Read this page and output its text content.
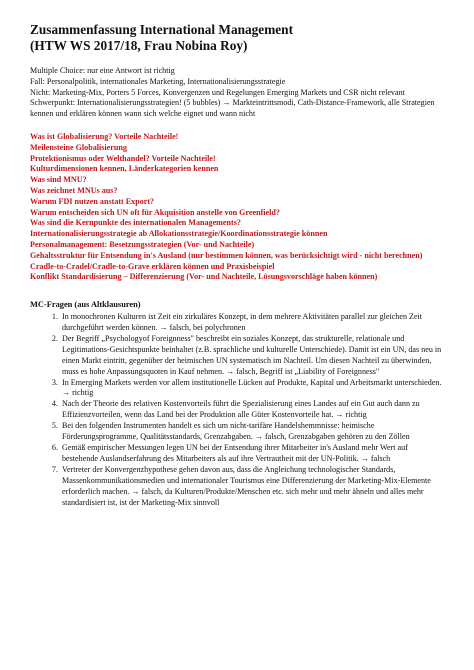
Zusammenfassung International Management
(HTW WS 2017/18, Frau Nobina Roy)

Multiple Choice: nur eine Antwort ist richtig

Fall: Personalpolitik, internationales Marketing, Internationalisierungsstrategie

Nicht: Marketing-Mix, Porters 5 Forces, Konvergenzen und Regelungen Emerging Markets und CSR nicht relevant

Schwerpunkt: Internationalisierungsstrategien! (5 bubbles) → Markteintrittsmodi, Cath-Distance-Framework, alle Strategien kennen und erklären können wann sich welche eignet und wann nicht

Was ist Globalisierung? Vorteile Nachteile!
Meilensteine Globalisierung
Protektionismus oder Welthandel? Vorteile Nachteile!
Kulturdimensionen kennen, Länderkategorien kennen
Was sind MNU?
Was zeichnet MNUs aus?
Warum FDI nutzen anstatt Export?
Warum entscheiden sich UN oft für Akquisition anstelle von Greenfield?
Was sind die Kernpunkte des internationalen Managements?
Internationalisierungsstrategie ab Allokationsstrategie/Koordinationsstrategie können
Personalmanagement: Besetzungsstrategien (Vor- und Nachteile)
Gehaltsstruktur für Entsendung in's Ausland (nur bestimmen können, was berücksichtigt wird - nicht berechnen)
Cradle-to-Cradel/Cradle-to-Grave erklären können und Praxisbeispiel
Konflikt Standardisierung – Differenzierung (Vor- und Nachteile, Lösungsvorschläge haben können)
MC-Fragen (aus Altklausuren)
1. In monochronen Kulturen ist Zeit ein zirkuläres Konzept, in dem mehrere Aktivitäten parallel zur gleichen Zeit durchgeführt werden können. → falsch, bei polychronen
2. Der Begriff „Psychologyof Foreignness" beschreibt ein soziales Konzept, das strukturelle, relationale und Legitimations-Gesichtspunkte beinhaltet (z.B. sprachliche und kulturelle Unterschiede). Damit ist ein UN, das neu in einen Markt eintritt, gegenüber der heimischen UN systematisch im Nachteil. Um diesen Nachteil zu überwinden, muss es hohe Anpassungsquoten in Kauf nehmen. → falsch, Begriff ist „Liability of Foreignness"
3. In Emerging Markets werden vor allem institutionelle Lücken auf Produkte, Kapital und Arbeitsmarkt unterschieden. → richtig
4. Nach der Theorie des relativen Kostenvorteils führt die Spezialisierung eines Landes auf ein Gut auch dann zu Effizienzvorteilen, wenn das Land bei der Produktion alle Güter Kostenvorteile hat. → richtig
5. Bei den folgenden Instrumenten handelt es sich um nicht-tarifäre Handelshemmnisse: heimische Förderungsprogramme, Qualitätsstandards, Grenzabgaben. → falsch, Grenzabgaben gehören zu den Zöllen
6. Gemäß empirischer Messungen legen UN bei der Entsendung ihrer Mitarbeiter in's Ausland mehr Wert auf bestehende Auslandserfahrung des Mitarbeiters als auf ihre Vertrautheit mit der UN-Politik. → falsch
7. Vertreter der Konvergenzhypothese gehen davon aus, dass die Angleichung technologischer Standards, Massenkommunikationsmedien und internationaler Tourismus eine Differenzierung der Marketing-Mix-Elemente erforderlich machen. → falsch, da Kulturen/Produkte/Menschen etc. sich mehr und mehr ähneln und alles mehr standardisiert ist, ist der Marketing-Mix sinnvoll
